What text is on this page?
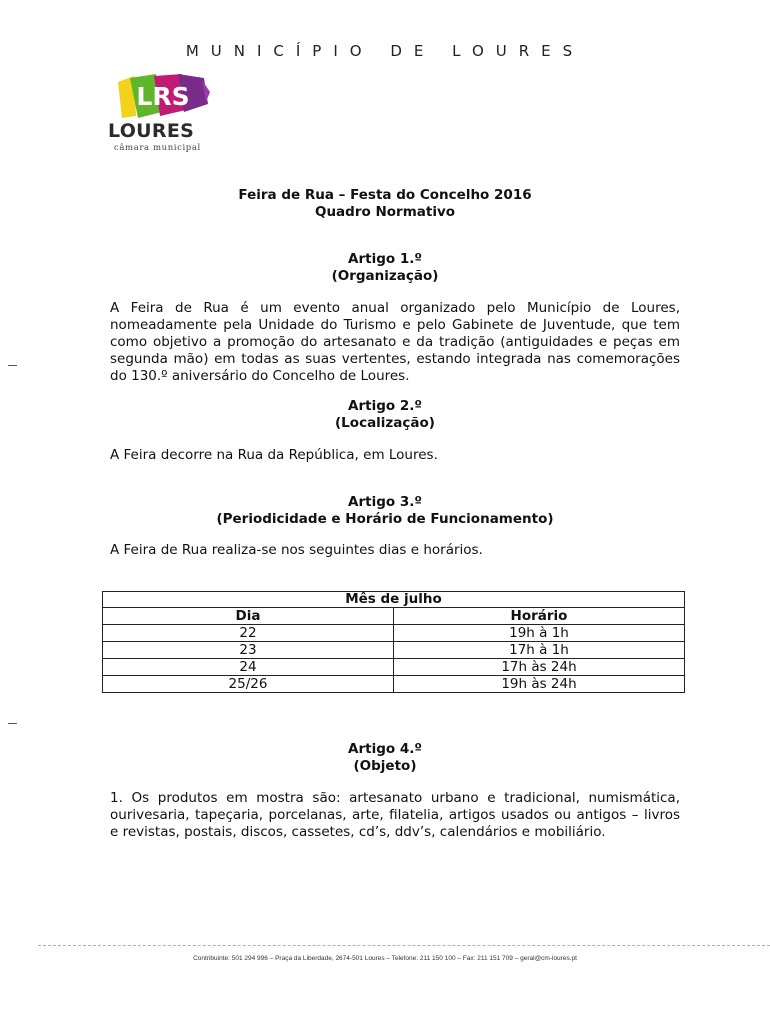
MUNICÍPIO DE LOURES
LRS
LOURES
câmara municipal
Feira de Rua – Festa do Concelho 2016
Quadro Normativo
Artigo 1.º
(Organização)
A Feira de Rua é um evento anual organizado pelo Município de Loures, nomeadamente pela Unidade do Turismo e pelo Gabinete de Juventude, que tem como objetivo a promoção do artesanato e da tradição (antiguidades e peças em segunda mão) em todas as suas vertentes, estando integrada nas comemorações do 130.º aniversário do Concelho de Loures.
Artigo 2.º
(Localização)
A Feira decorre na Rua da República, em Loures.
Artigo 3.º
(Periodicidade e Horário de Funcionamento)
A Feira de Rua realiza-se nos seguintes dias e horários.
Mês de julho	
Dia	Horário
22	19h à 1h
23	17h à 1h
24	17h às 24h
25/26	19h às 24h
Artigo 4.º
(Objeto)
1. Os produtos em mostra são: artesanato urbano e tradicional, numismática, ourivesaria, tapeçaria, porcelanas, arte, filatelia, artigos usados ou antigos – livros e revistas, postais, discos, cassetes, cd’s, ddv’s, calendários e mobiliário.
Contribuinte: 501 294 996 – Praça da Liberdade, 2674-501 Loures – Telefone: 211 150 100 – Fax: 211 151 709 – geral@cm-loures.pt
